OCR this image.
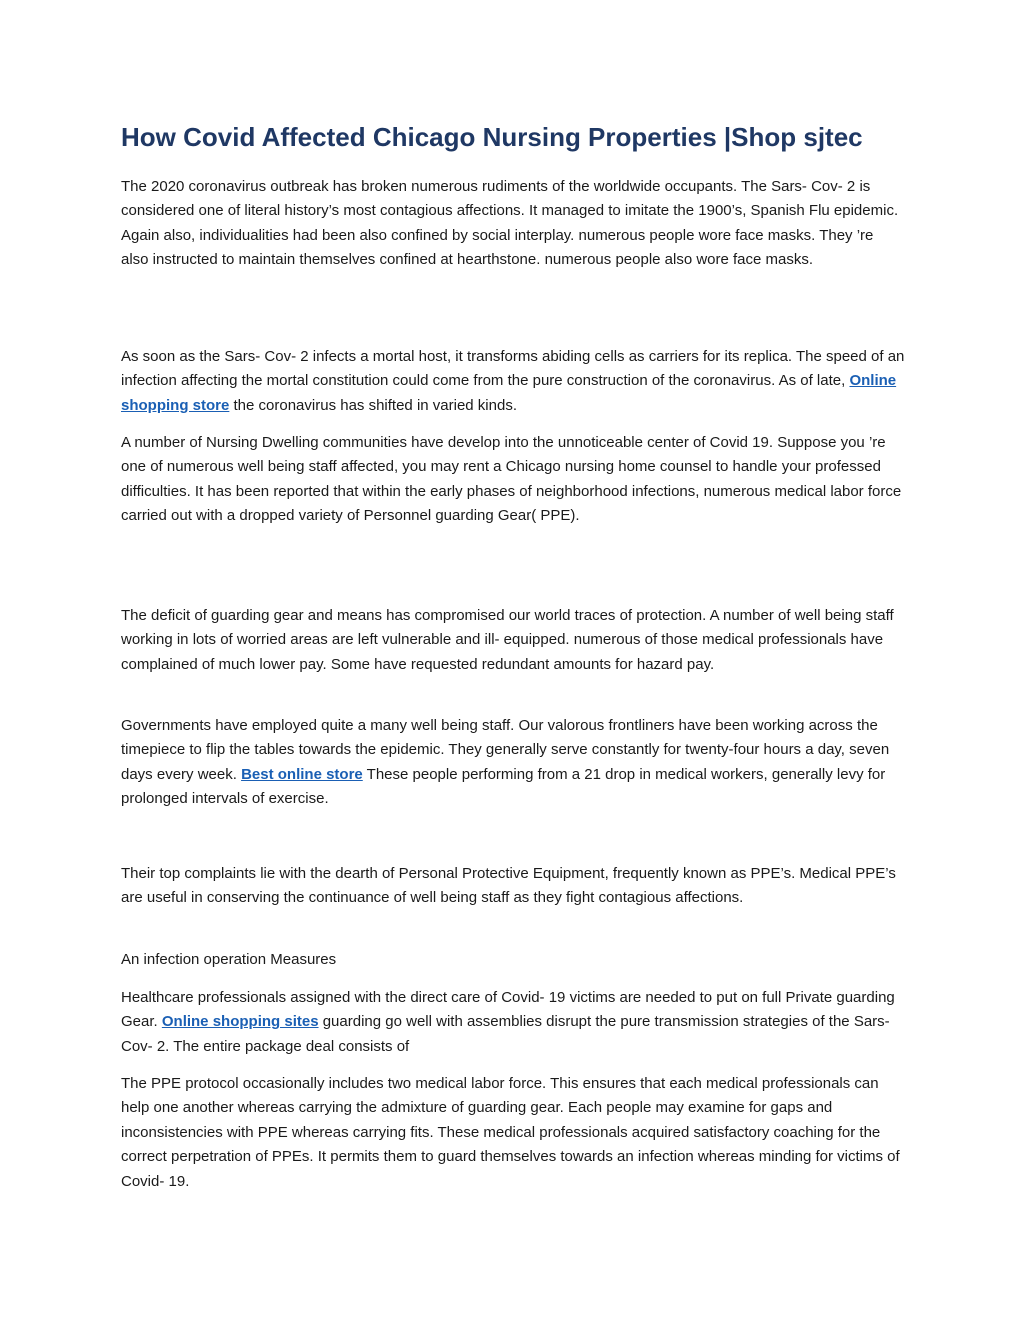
How Covid Affected Chicago Nursing Properties |Shop sjtec

The 2020 coronavirus outbreak has broken numerous rudiments of the worldwide occupants. The Sars- Cov- 2 is considered one of literal history’s most contagious affections. It managed to imitate the 1900’s, Spanish Flu epidemic. Again also, individualities had been also confined by social interplay. numerous people wore face masks. They ’re also instructed to maintain themselves confined at hearthstone. numerous people also wore face masks.

As soon as the Sars- Cov- 2 infects a mortal host, it transforms abiding cells as carriers for its replica. The speed of an infection affecting the mortal constitution could come from the pure construction of the coronavirus. As of late, Online shopping store the coronavirus has shifted in varied kinds.

A number of Nursing Dwelling communities have develop into the unnoticeable center of Covid 19. Suppose you ’re one of numerous well being staff affected, you may rent a Chicago nursing home counsel to handle your professed difficulties. It has been reported that within the early phases of neighborhood infections, numerous medical labor force carried out with a dropped variety of Personnel guarding Gear( PPE).

The deficit of guarding gear and means has compromised our world traces of protection. A number of well being staff working in lots of worried areas are left vulnerable and ill- equipped. numerous of those medical professionals have complained of much lower pay. Some have requested redundant amounts for hazard pay.

Governments have employed quite a many well being staff. Our valorous frontliners have been working across the timepiece to flip the tables towards the epidemic. They generally serve constantly for twenty-four hours a day, seven days every week. Best online store These people performing from a 21 drop in medical workers, generally levy for prolonged intervals of exercise.

Their top complaints lie with the dearth of Personal Protective Equipment, frequently known as PPE’s. Medical PPE’s are useful in conserving the continuance of well being staff as they fight contagious affections.

An infection operation Measures

Healthcare professionals assigned with the direct care of Covid- 19 victims are needed to put on full Private guarding Gear. Online shopping sites guarding go well with assemblies disrupt the pure transmission strategies of the Sars- Cov- 2. The entire package deal consists of

The PPE protocol occasionally includes two medical labor force. This ensures that each medical professionals can help one another whereas carrying the admixture of guarding gear. Each people may examine for gaps and inconsistencies with PPE whereas carrying fits. These medical professionals acquired satisfactory coaching for the correct perpetration of PPEs. It permits them to guard themselves towards an infection whereas minding for victims of Covid- 19.
